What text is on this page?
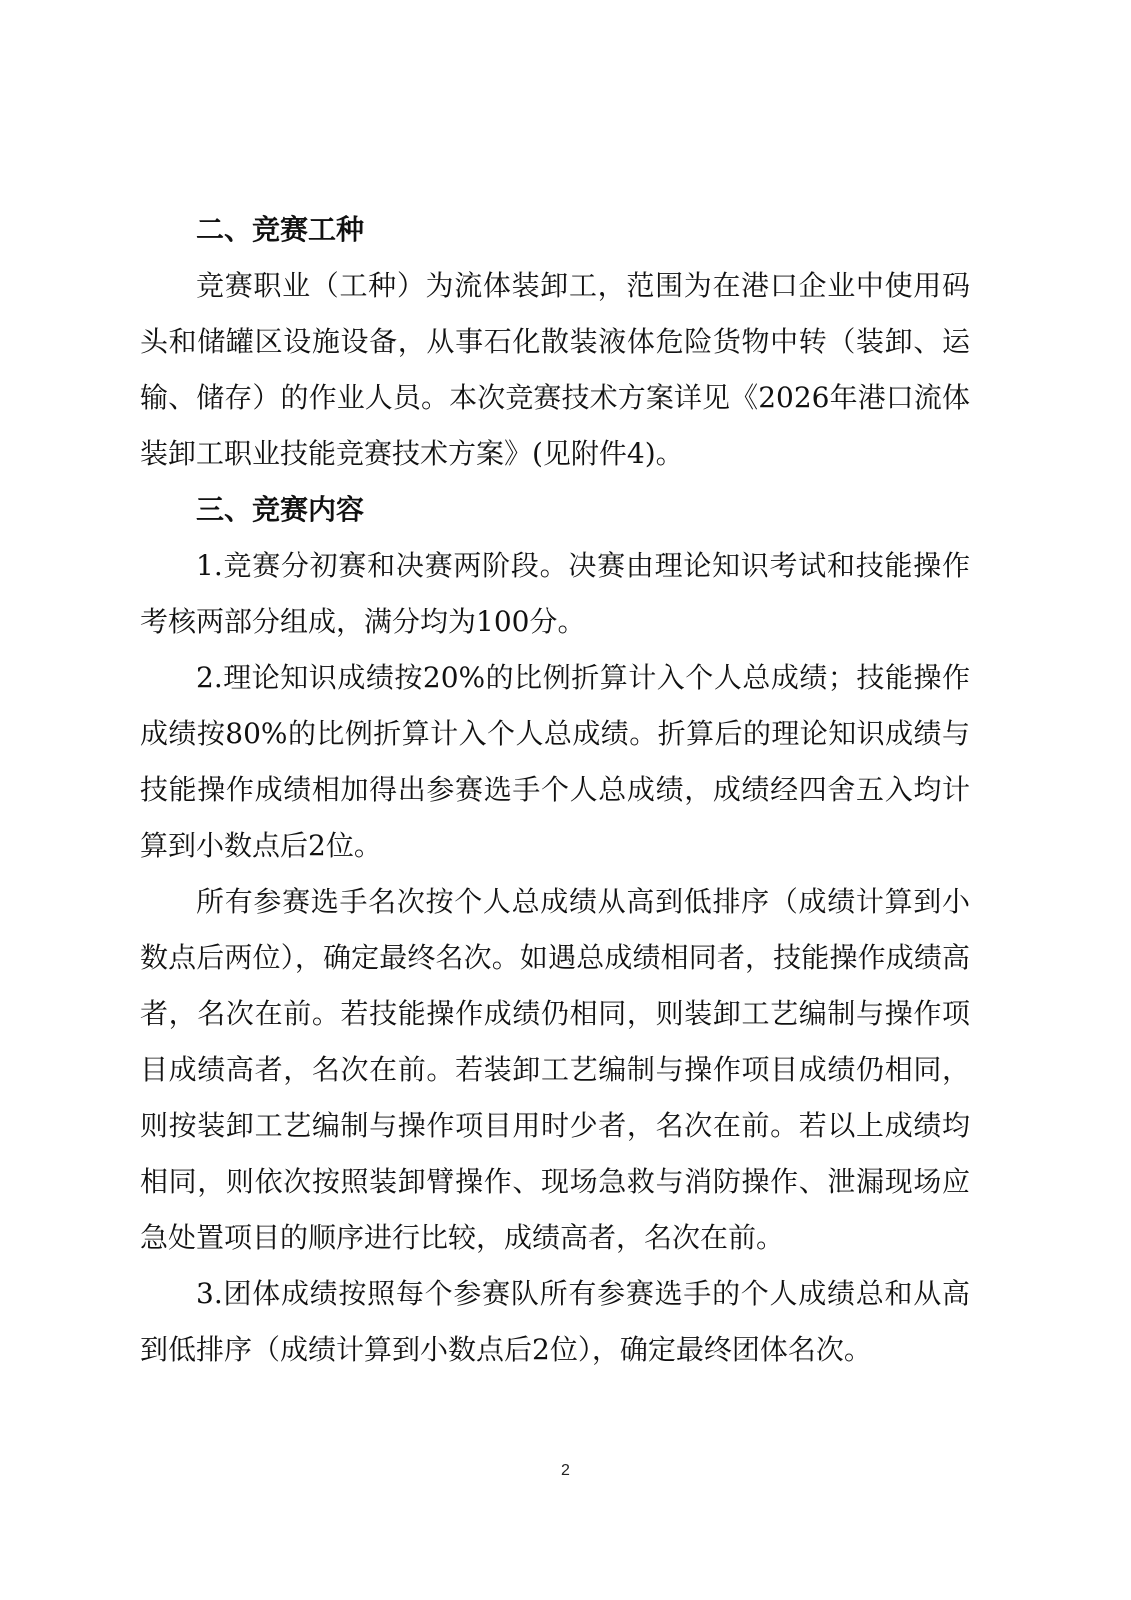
二、竞赛工种

竞赛职业（工种）为流体装卸工，范围为在港口企业中使用码头和储罐区设施设备，从事石化散装液体危险货物中转（装卸、运输、储存）的作业人员。本次竞赛技术方案详见《2026年港口流体装卸工职业技能竞赛技术方案》(见附件4)。

三、竞赛内容

1.竞赛分初赛和决赛两阶段。决赛由理论知识考试和技能操作考核两部分组成，满分均为100分。

2.理论知识成绩按20%的比例折算计入个人总成绩；技能操作成绩按80%的比例折算计入个人总成绩。折算后的理论知识成绩与技能操作成绩相加得出参赛选手个人总成绩，成绩经四舍五入均计算到小数点后2位。

所有参赛选手名次按个人总成绩从高到低排序（成绩计算到小数点后两位），确定最终名次。如遇总成绩相同者，技能操作成绩高者，名次在前。若技能操作成绩仍相同，则装卸工艺编制与操作项目成绩高者，名次在前。若装卸工艺编制与操作项目成绩仍相同，则按装卸工艺编制与操作项目用时少者，名次在前。若以上成绩均相同，则依次按照装卸臂操作、现场急救与消防操作、泄漏现场应急处置项目的顺序进行比较，成绩高者，名次在前。

3.团体成绩按照每个参赛队所有参赛选手的个人成绩总和从高到低排序（成绩计算到小数点后2位），确定最终团体名次。

2
